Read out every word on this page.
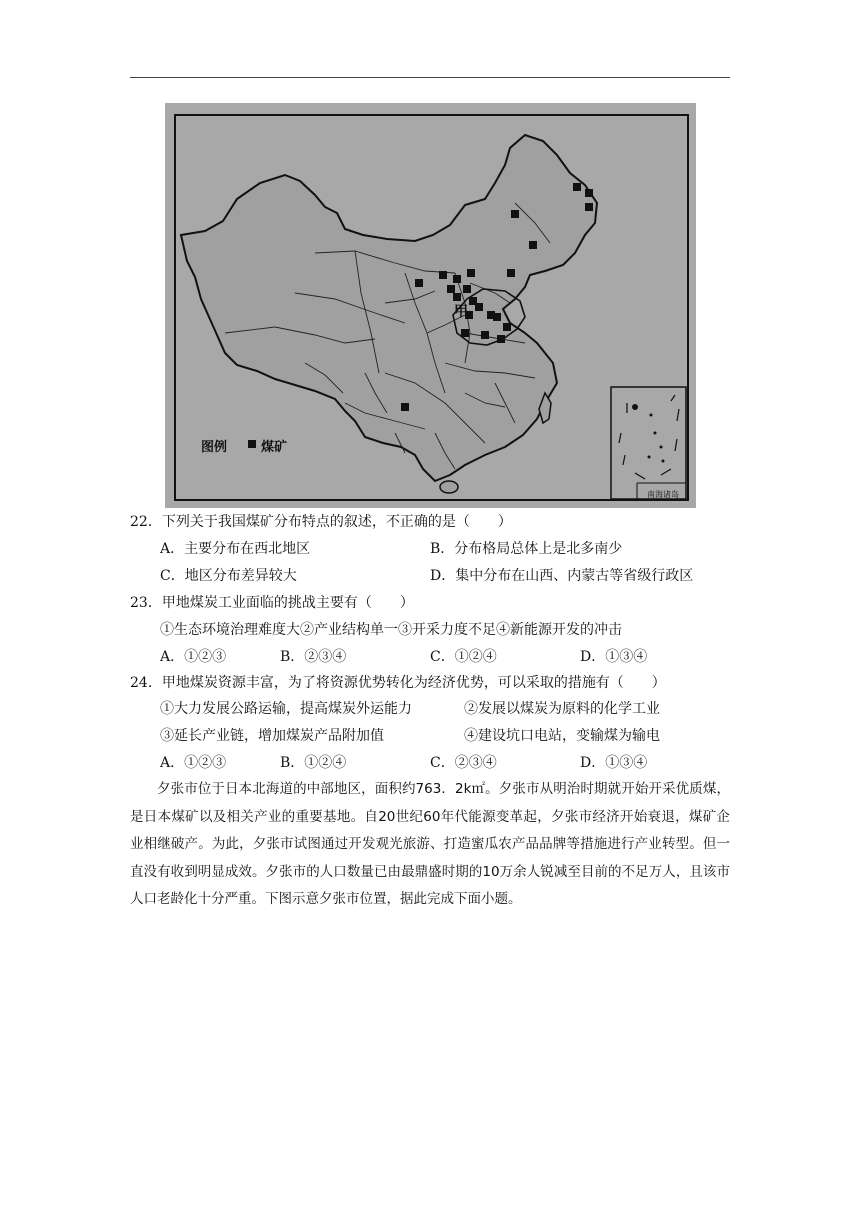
图例	煤矿
甲
南海诸岛
22．下列关于我国煤矿分布特点的叙述，不正确的是（　　）
A．主要分布在西北地区	B．分布格局总体上是北多南少
C．地区分布差异较大	D．集中分布在山西、内蒙古等省级行政区
23．甲地煤炭工业面临的挑战主要有（　　）
①生态环境治理难度大②产业结构单一③开采力度不足④新能源开发的冲击
A．①②③	B．②③④	C．①②④	D．①③④
24．甲地煤炭资源丰富，为了将资源优势转化为经济优势，可以采取的措施有（　　）
①大力发展公路运输，提高煤炭外运能力	②发展以煤炭为原料的化学工业
③延长产业链，增加煤炭产品附加值	④建设坑口电站，变输煤为输电
A．①②③	B．①②④	C．②③④	D．①③④

夕张市位于日本北海道的中部地区，面积约763．2k㎡。夕张市从明治时期就开始开采优质煤，是日本煤矿以及相关产业的重要基地。自20世纪60年代能源变革起，夕张市经济开始衰退，煤矿企业相继破产。为此，夕张市试图通过开发观光旅游、打造蜜瓜农产品品牌等措施进行产业转型。但一直没有收到明显成效。夕张市的人口数量已由最鼎盛时期的10万余人锐减至目前的不足万人，且该市人口老龄化十分严重。下图示意夕张市位置，据此完成下面小题。
